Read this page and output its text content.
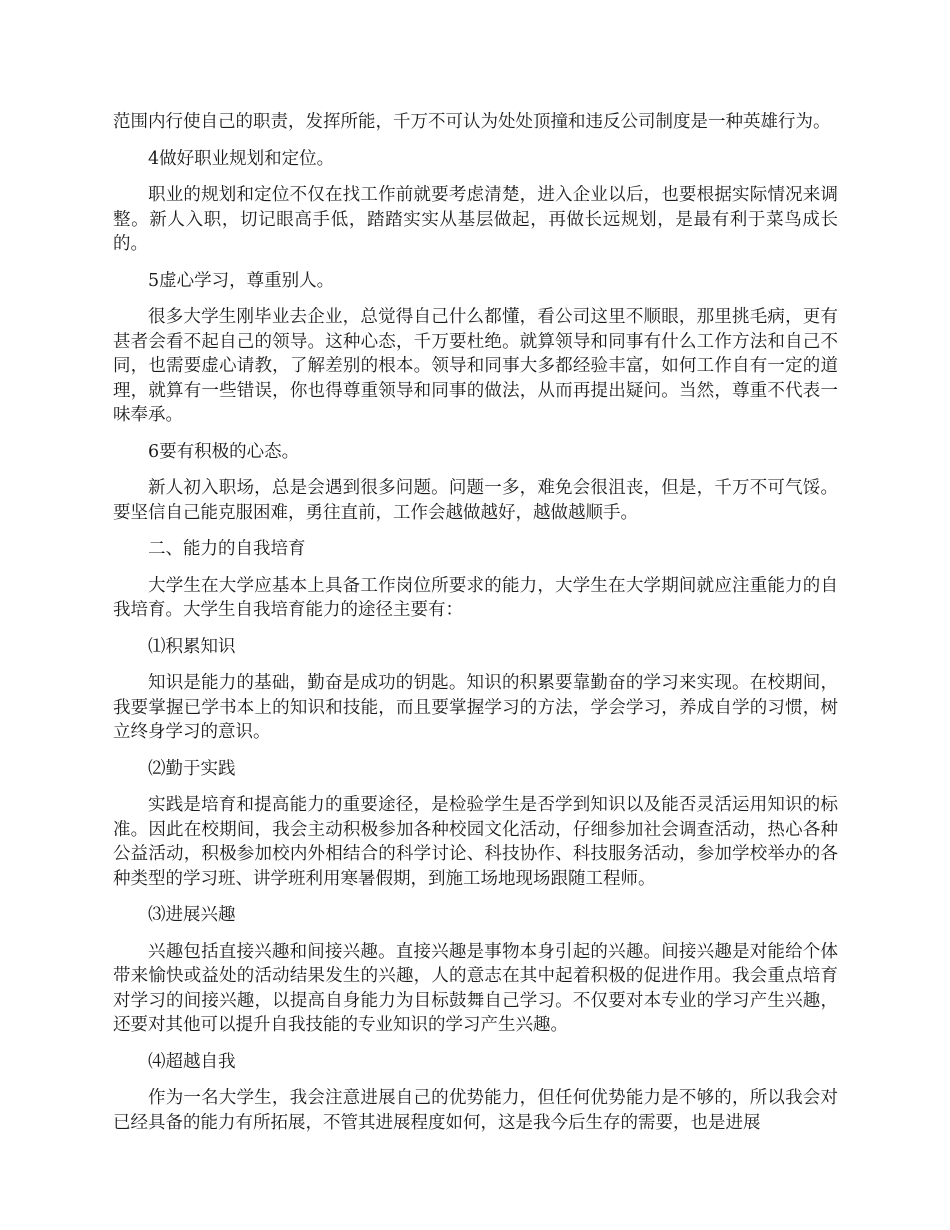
范围内行使自己的职责，发挥所能，千万不可认为处处顶撞和违反公司制度是一种英雄行为。

4做好职业规划和定位。

职业的规划和定位不仅在找工作前就要考虑清楚，进入企业以后，也要根据实际情况来调整。新人入职，切记眼高手低，踏踏实实从基层做起，再做长远规划，是最有利于菜鸟成长的。

5虚心学习，尊重别人。

很多大学生刚毕业去企业，总觉得自己什么都懂，看公司这里不顺眼，那里挑毛病，更有甚者会看不起自己的领导。这种心态，千万要杜绝。就算领导和同事有什么工作方法和自己不同，也需要虚心请教，了解差别的根本。领导和同事大多都经验丰富，如何工作自有一定的道理，就算有一些错误，你也得尊重领导和同事的做法，从而再提出疑问。当然，尊重不代表一味奉承。

6要有积极的心态。

新人初入职场，总是会遇到很多问题。问题一多，难免会很沮丧，但是，千万不可气馁。要坚信自己能克服困难，勇往直前，工作会越做越好，越做越顺手。

二、能力的自我培育

大学生在大学应基本上具备工作岗位所要求的能力，大学生在大学期间就应注重能力的自我培育。大学生自我培育能力的途径主要有：

⑴积累知识

知识是能力的基础，勤奋是成功的钥匙。知识的积累要靠勤奋的学习来实现。在校期间，我要掌握已学书本上的知识和技能，而且要掌握学习的方法，学会学习，养成自学的习惯，树立终身学习的意识。

⑵勤于实践

实践是培育和提高能力的重要途径，是检验学生是否学到知识以及能否灵活运用知识的标准。因此在校期间，我会主动积极参加各种校园文化活动，仔细参加社会调查活动，热心各种公益活动，积极参加校内外相结合的科学讨论、科技协作、科技服务活动，参加学校举办的各种类型的学习班、讲学班利用寒暑假期，到施工场地现场跟随工程师。

⑶进展兴趣

兴趣包括直接兴趣和间接兴趣。直接兴趣是事物本身引起的兴趣。间接兴趣是对能给个体带来愉快或益处的活动结果发生的兴趣，人的意志在其中起着积极的促进作用。我会重点培育对学习的间接兴趣，以提高自身能力为目标鼓舞自己学习。不仅要对本专业的学习产生兴趣，还要对其他可以提升自我技能的专业知识的学习产生兴趣。

⑷超越自我

作为一名大学生，我会注意进展自己的优势能力，但任何优势能力是不够的，所以我会对已经具备的能力有所拓展，不管其进展程度如何，这是我今后生存的需要，也是进展
